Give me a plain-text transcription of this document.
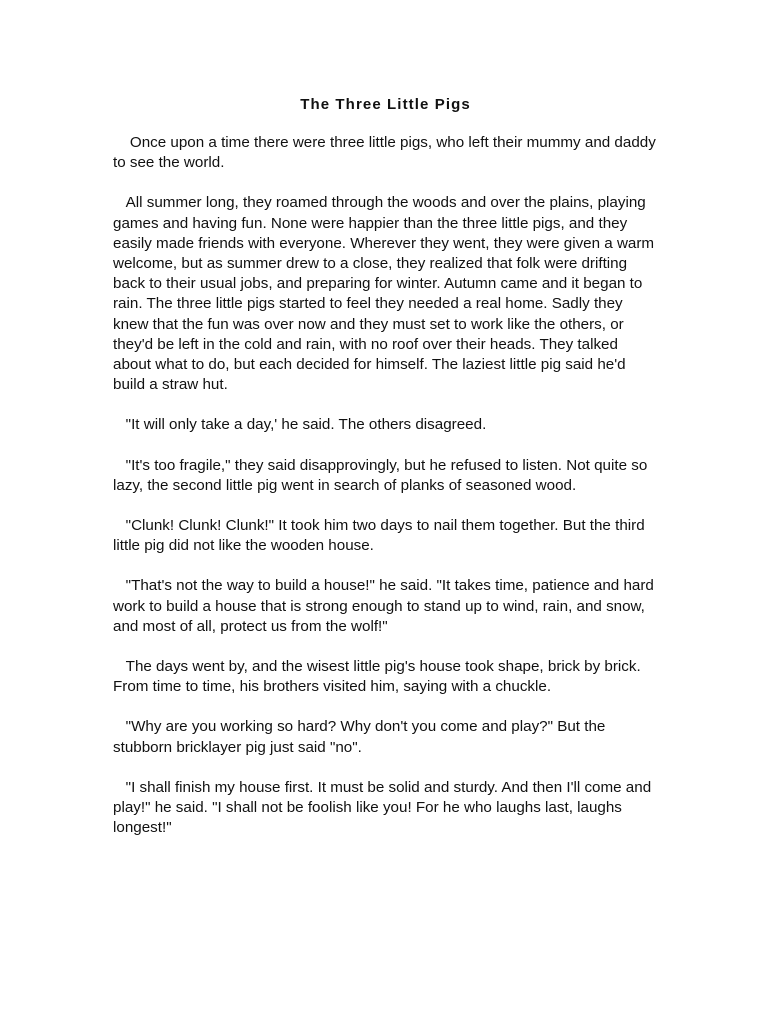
The Three Little Pigs
Once upon a time there were three little pigs, who left their mummy and daddy to see the world.
All summer long, they roamed through the woods and over the plains, playing games and having fun. None were happier than the three little pigs, and they easily made friends with everyone. Wherever they went, they were given a warm welcome, but as summer drew to a close, they realized that folk were drifting back to their usual jobs, and preparing for winter. Autumn came and it began to rain. The three little pigs started to feel they needed a real home. Sadly they knew that the fun was over now and they must set to work like the others, or they'd be left in the cold and rain, with no roof over their heads. They talked about what to do, but each decided for himself. The laziest little pig said he'd build a straw hut.
"It will only take a day,' he said. The others disagreed.
"It's too fragile," they said disapprovingly, but he refused to listen. Not quite so lazy, the second little pig went in search of planks of seasoned wood.
"Clunk! Clunk! Clunk!" It took him two days to nail them together. But the third little pig did not like the wooden house.
"That's not the way to build a house!" he said. "It takes time, patience and hard work to build a house that is strong enough to stand up to wind, rain, and snow, and most of all, protect us from the wolf!"
The days went by, and the wisest little pig's house took shape, brick by brick. From time to time, his brothers visited him, saying with a chuckle.
"Why are you working so hard? Why don't you come and play?" But the stubborn bricklayer pig just said "no".
"I shall finish my house first. It must be solid and sturdy. And then I'll come and play!" he said. "I shall not be foolish like you! For he who laughs last, laughs longest!"
